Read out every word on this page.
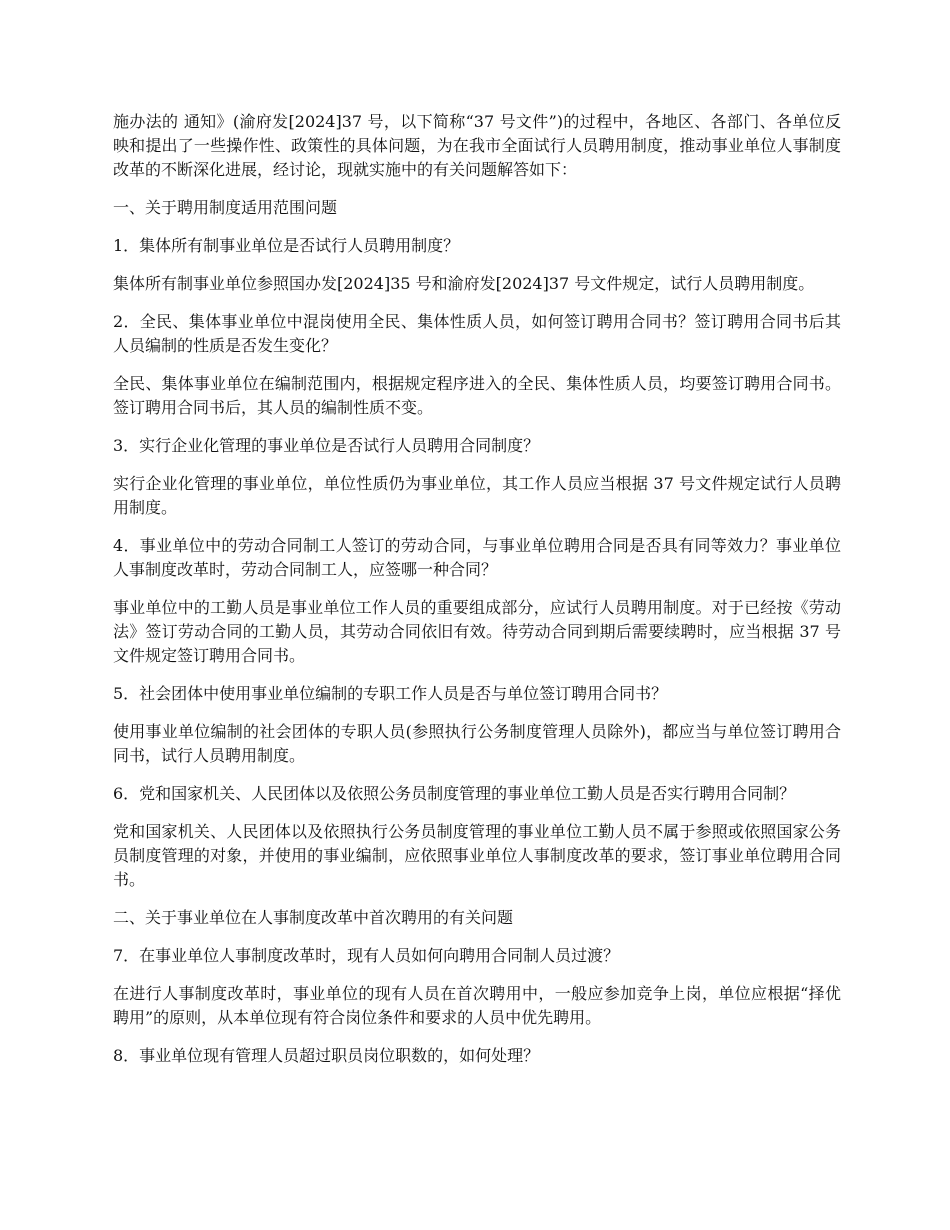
施办法的 通知》(渝府发[2024]37 号，以下简称“37 号文件”)的过程中，各地区、各部门、各单位反映和提出了一些操作性、政策性的具体问题，为在我市全面试行人员聘用制度，推动事业单位人事制度改革的不断深化进展，经讨论，现就实施中的有关问题解答如下：

一、关于聘用制度适用范围问题

1．集体所有制事业单位是否试行人员聘用制度？

集体所有制事业单位参照国办发[2024]35 号和渝府发[2024]37 号文件规定，试行人员聘用制度。

2．全民、集体事业单位中混岗使用全民、集体性质人员，如何签订聘用合同书？签订聘用合同书后其人员编制的性质是否发生变化？

全民、集体事业单位在编制范围内，根据规定程序进入的全民、集体性质人员，均要签订聘用合同书。签订聘用合同书后，其人员的编制性质不变。

3．实行企业化管理的事业单位是否试行人员聘用合同制度？

实行企业化管理的事业单位，单位性质仍为事业单位，其工作人员应当根据 37 号文件规定试行人员聘用制度。

4．事业单位中的劳动合同制工人签订的劳动合同，与事业单位聘用合同是否具有同等效力？事业单位人事制度改革时，劳动合同制工人，应签哪一种合同？

事业单位中的工勤人员是事业单位工作人员的重要组成部分，应试行人员聘用制度。对于已经按《劳动法》签订劳动合同的工勤人员，其劳动合同依旧有效。待劳动合同到期后需要续聘时，应当根据 37 号文件规定签订聘用合同书。

5．社会团体中使用事业单位编制的专职工作人员是否与单位签订聘用合同书？

使用事业单位编制的社会团体的专职人员(参照执行公务制度管理人员除外)，都应当与单位签订聘用合同书，试行人员聘用制度。

6．党和国家机关、人民团体以及依照公务员制度管理的事业单位工勤人员是否实行聘用合同制？

党和国家机关、人民团体以及依照执行公务员制度管理的事业单位工勤人员不属于参照或依照国家公务员制度管理的对象，并使用的事业编制，应依照事业单位人事制度改革的要求，签订事业单位聘用合同书。

二、关于事业单位在人事制度改革中首次聘用的有关问题

7．在事业单位人事制度改革时，现有人员如何向聘用合同制人员过渡？

在进行人事制度改革时，事业单位的现有人员在首次聘用中，一般应参加竞争上岗，单位应根据“择优聘用”的原则，从本单位现有符合岗位条件和要求的人员中优先聘用。

8．事业单位现有管理人员超过职员岗位职数的，如何处理？
